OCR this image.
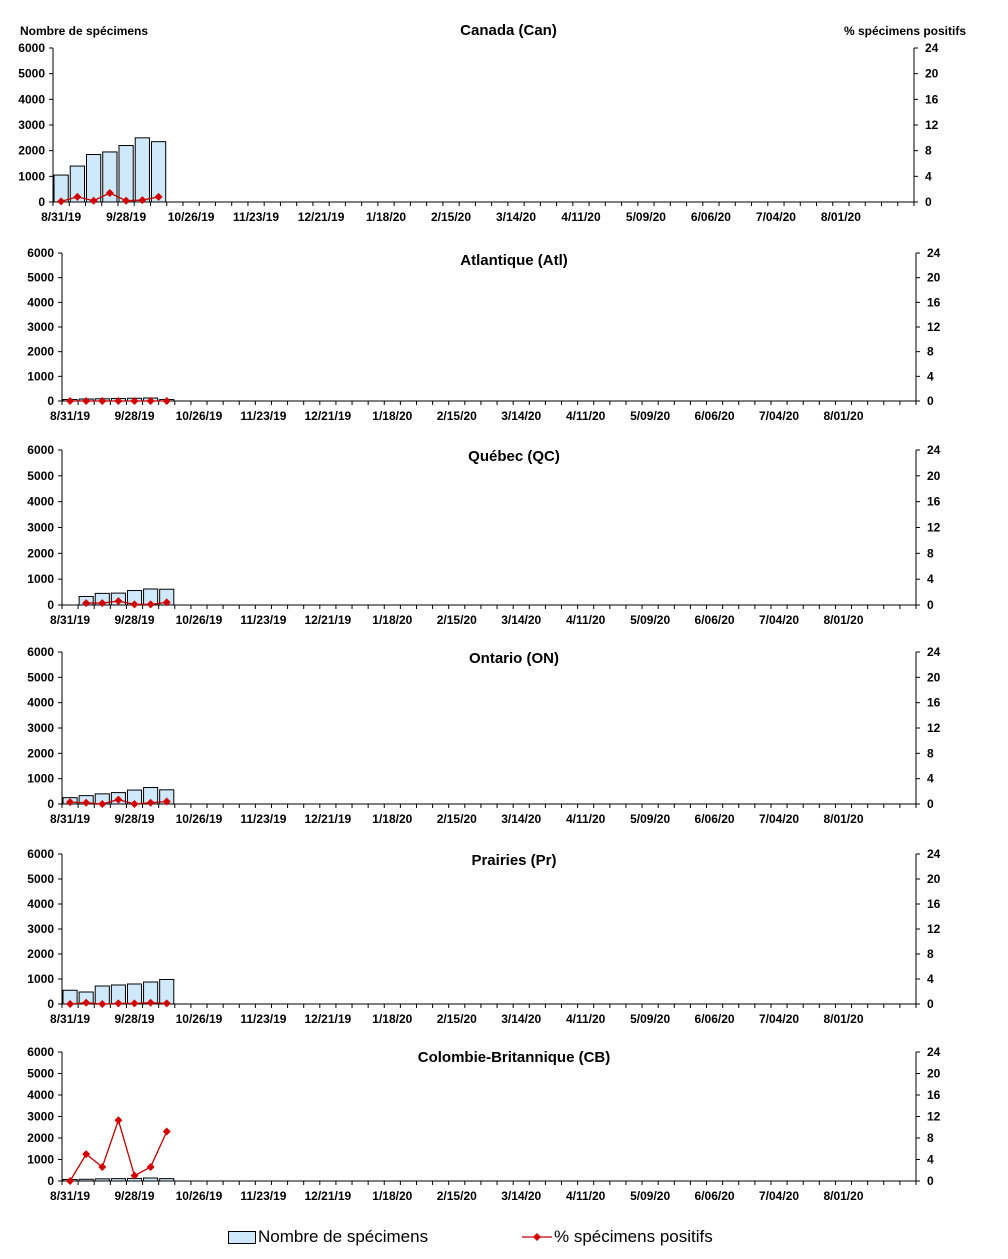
Canada (Can)
Nombre de spécimens	% spécimens positifs
0
1000
2000
3000
4000
5000
6000
0
4
8
12
16
20
24
8/31/19 9/28/19 10/26/19 11/23/19 12/21/19 1/18/20 2/15/20 3/14/20 4/11/20 5/09/20 6/06/20 7/04/20 8/01/20
Atlantique (Atl)
0
1000
2000
3000
4000
5000
6000
0
4
8
12
16
20
24
8/31/19 9/28/19 10/26/19 11/23/19 12/21/19 1/18/20 2/15/20 3/14/20 4/11/20 5/09/20 6/06/20 7/04/20 8/01/20
Québec (QC)
0
1000
2000
3000
4000
5000
6000
0
4
8
12
16
20
24
8/31/19 9/28/19 10/26/19 11/23/19 12/21/19 1/18/20 2/15/20 3/14/20 4/11/20 5/09/20 6/06/20 7/04/20 8/01/20
Ontario (ON)
0
1000
2000
3000
4000
5000
6000
0
4
8
12
16
20
24
8/31/19 9/28/19 10/26/19 11/23/19 12/21/19 1/18/20 2/15/20 3/14/20 4/11/20 5/09/20 6/06/20 7/04/20 8/01/20
Prairies (Pr)
0
1000
2000
3000
4000
5000
6000
0
4
8
12
16
20
24
8/31/19 9/28/19 10/26/19 11/23/19 12/21/19 1/18/20 2/15/20 3/14/20 4/11/20 5/09/20 6/06/20 7/04/20 8/01/20
Colombie-Britannique (CB)
0
1000
2000
3000
4000
5000
6000
0
4
8
12
16
20
24
8/31/19 9/28/19 10/26/19 11/23/19 12/21/19 1/18/20 2/15/20 3/14/20 4/11/20 5/09/20 6/06/20 7/04/20 8/01/20
Nombre de spécimens	% spécimens positifs
